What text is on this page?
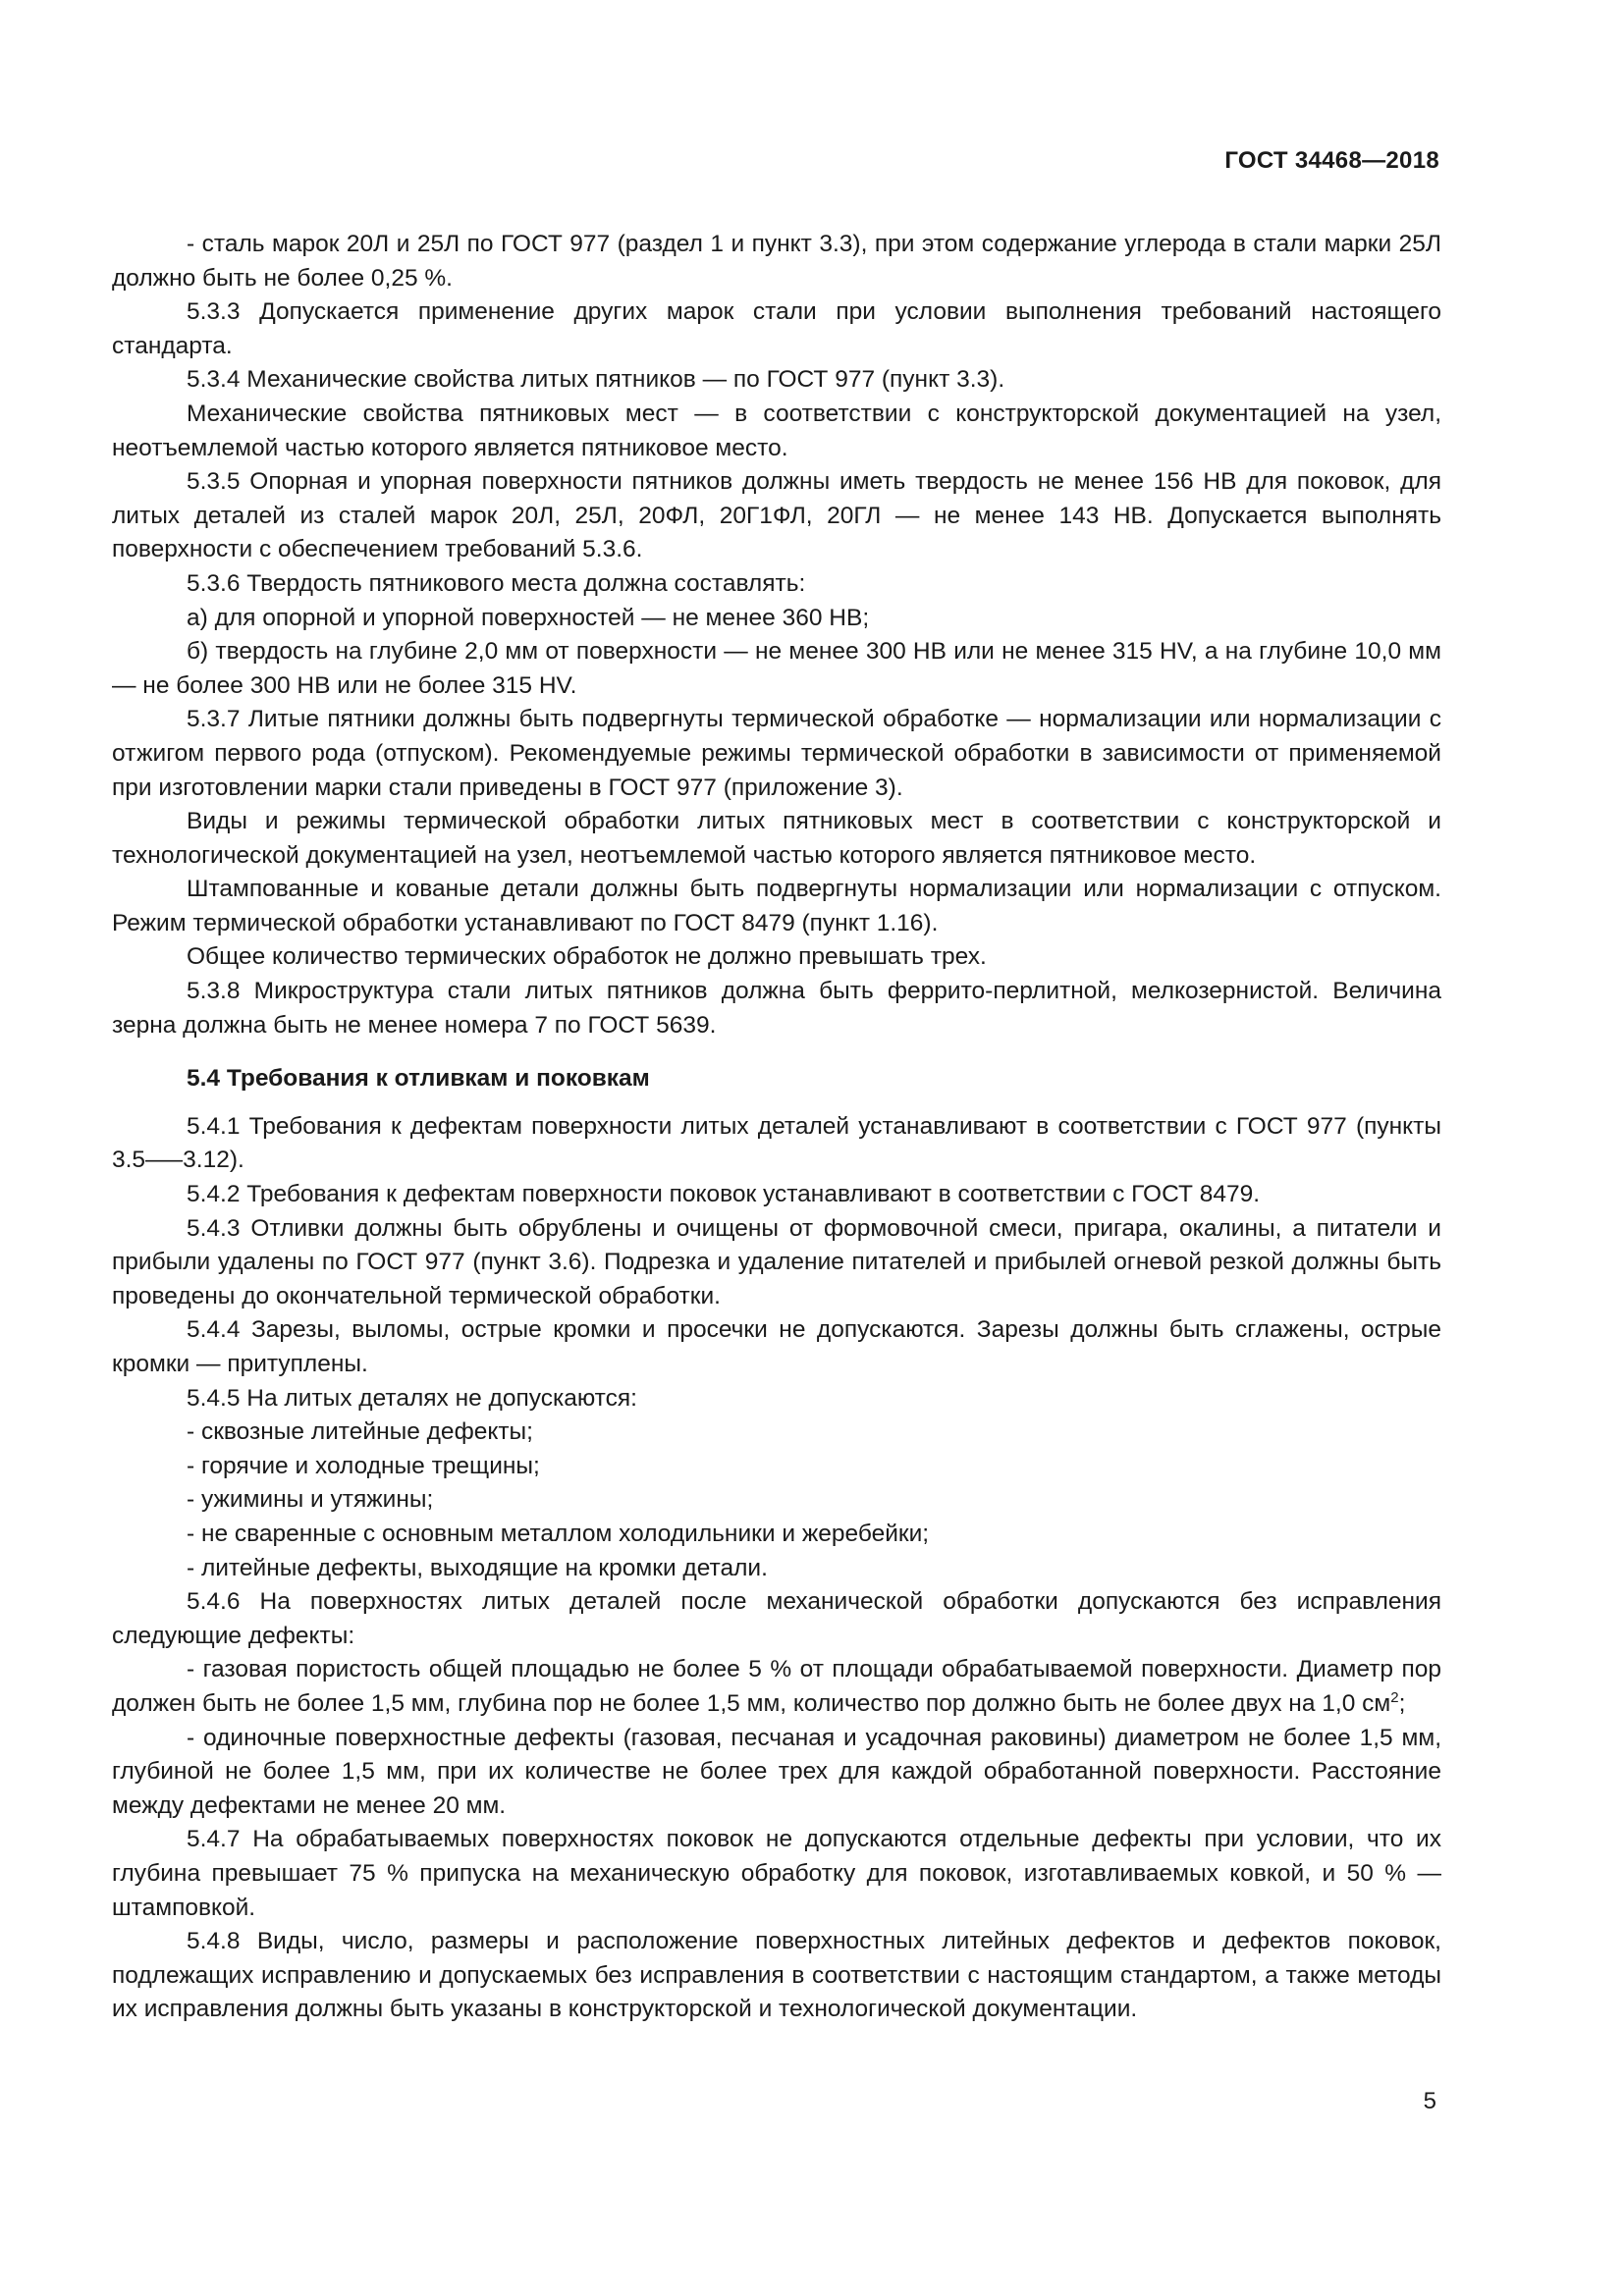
ГОСТ 34468—2018

- сталь марок 20Л и 25Л по ГОСТ 977 (раздел 1 и пункт 3.3), при этом содержание углерода в стали марки 25Л должно быть не более 0,25 %.

5.3.3 Допускается применение других марок стали при условии выполнения требований настоящего стандарта.

5.3.4 Механические свойства литых пятников — по ГОСТ 977 (пункт 3.3).

Механические свойства пятниковых мест — в соответствии с конструкторской документацией на узел, неотъемлемой частью которого является пятниковое место.

5.3.5 Опорная и упорная поверхности пятников должны иметь твердость не менее 156 НВ для поковок, для литых деталей из сталей марок 20Л, 25Л, 20ФЛ, 20Г1ФЛ, 20ГЛ — не менее 143 НВ. Допускается выполнять поверхности с обеспечением требований 5.3.6.

5.3.6 Твердость пятникового места должна составлять:

а) для опорной и упорной поверхностей — не менее 360 НВ;

б) твердость на глубине 2,0 мм от поверхности — не менее 300 НВ или не менее 315 HV, а на глубине 10,0 мм — не более 300 НВ или не более 315 HV.

5.3.7 Литые пятники должны быть подвергнуты термической обработке — нормализации или нормализации с отжигом первого рода (отпуском). Рекомендуемые режимы термической обработки в зависимости от применяемой при изготовлении марки стали приведены в ГОСТ 977 (приложение 3).

Виды и режимы термической обработки литых пятниковых мест в соответствии с конструкторской и технологической документацией на узел, неотъемлемой частью которого является пятниковое место.

Штампованные и кованые детали должны быть подвергнуты нормализации или нормализации с отпуском. Режим термической обработки устанавливают по ГОСТ 8479 (пункт 1.16).

Общее количество термических обработок не должно превышать трех.

5.3.8 Микроструктура стали литых пятников должна быть феррито-перлитной, мелкозернистой. Величина зерна должна быть не менее номера 7 по ГОСТ 5639.

5.4 Требования к отливкам и поковкам

5.4.1 Требования к дефектам поверхности литых деталей устанавливают в соответствии с ГОСТ 977 (пункты 3.5—–3.12).

5.4.2 Требования к дефектам поверхности поковок устанавливают в соответствии с ГОСТ 8479.

5.4.3 Отливки должны быть обрублены и очищены от формовочной смеси, пригара, окалины, а питатели и прибыли удалены по ГОСТ 977 (пункт 3.6). Подрезка и удаление питателей и прибылей огневой резкой должны быть проведены до окончательной термической обработки.

5.4.4 Зарезы, выломы, острые кромки и просечки не допускаются. Зарезы должны быть сглажены, острые кромки — притуплены.

5.4.5 На литых деталях не допускаются:

- сквозные литейные дефекты;

- горячие и холодные трещины;

- ужимины и утяжины;

- не сваренные с основным металлом холодильники и жеребейки;

- литейные дефекты, выходящие на кромки детали.

5.4.6 На поверхностях литых деталей после механической обработки допускаются без исправления следующие дефекты:

- газовая пористость общей площадью не более 5 % от площади обрабатываемой поверхности. Диаметр пор должен быть не более 1,5 мм, глубина пор не более 1,5 мм, количество пор должно быть не более двух на 1,0 $см^2$;

- одиночные поверхностные дефекты (газовая, песчаная и усадочная раковины) диаметром не более 1,5 мм, глубиной не более 1,5 мм, при их количестве не более трех для каждой обработанной поверхности. Расстояние между дефектами не менее 20 мм.

5.4.7 На обрабатываемых поверхностях поковок не допускаются отдельные дефекты при условии, что их глубина превышает 75 % припуска на механическую обработку для поковок, изготавливаемых ковкой, и 50 % — штамповкой.

5.4.8 Виды, число, размеры и расположение поверхностных литейных дефектов и дефектов поковок, подлежащих исправлению и допускаемых без исправления в соответствии с настоящим стандартом, а также методы их исправления должны быть указаны в конструкторской и технологической документации.

5
